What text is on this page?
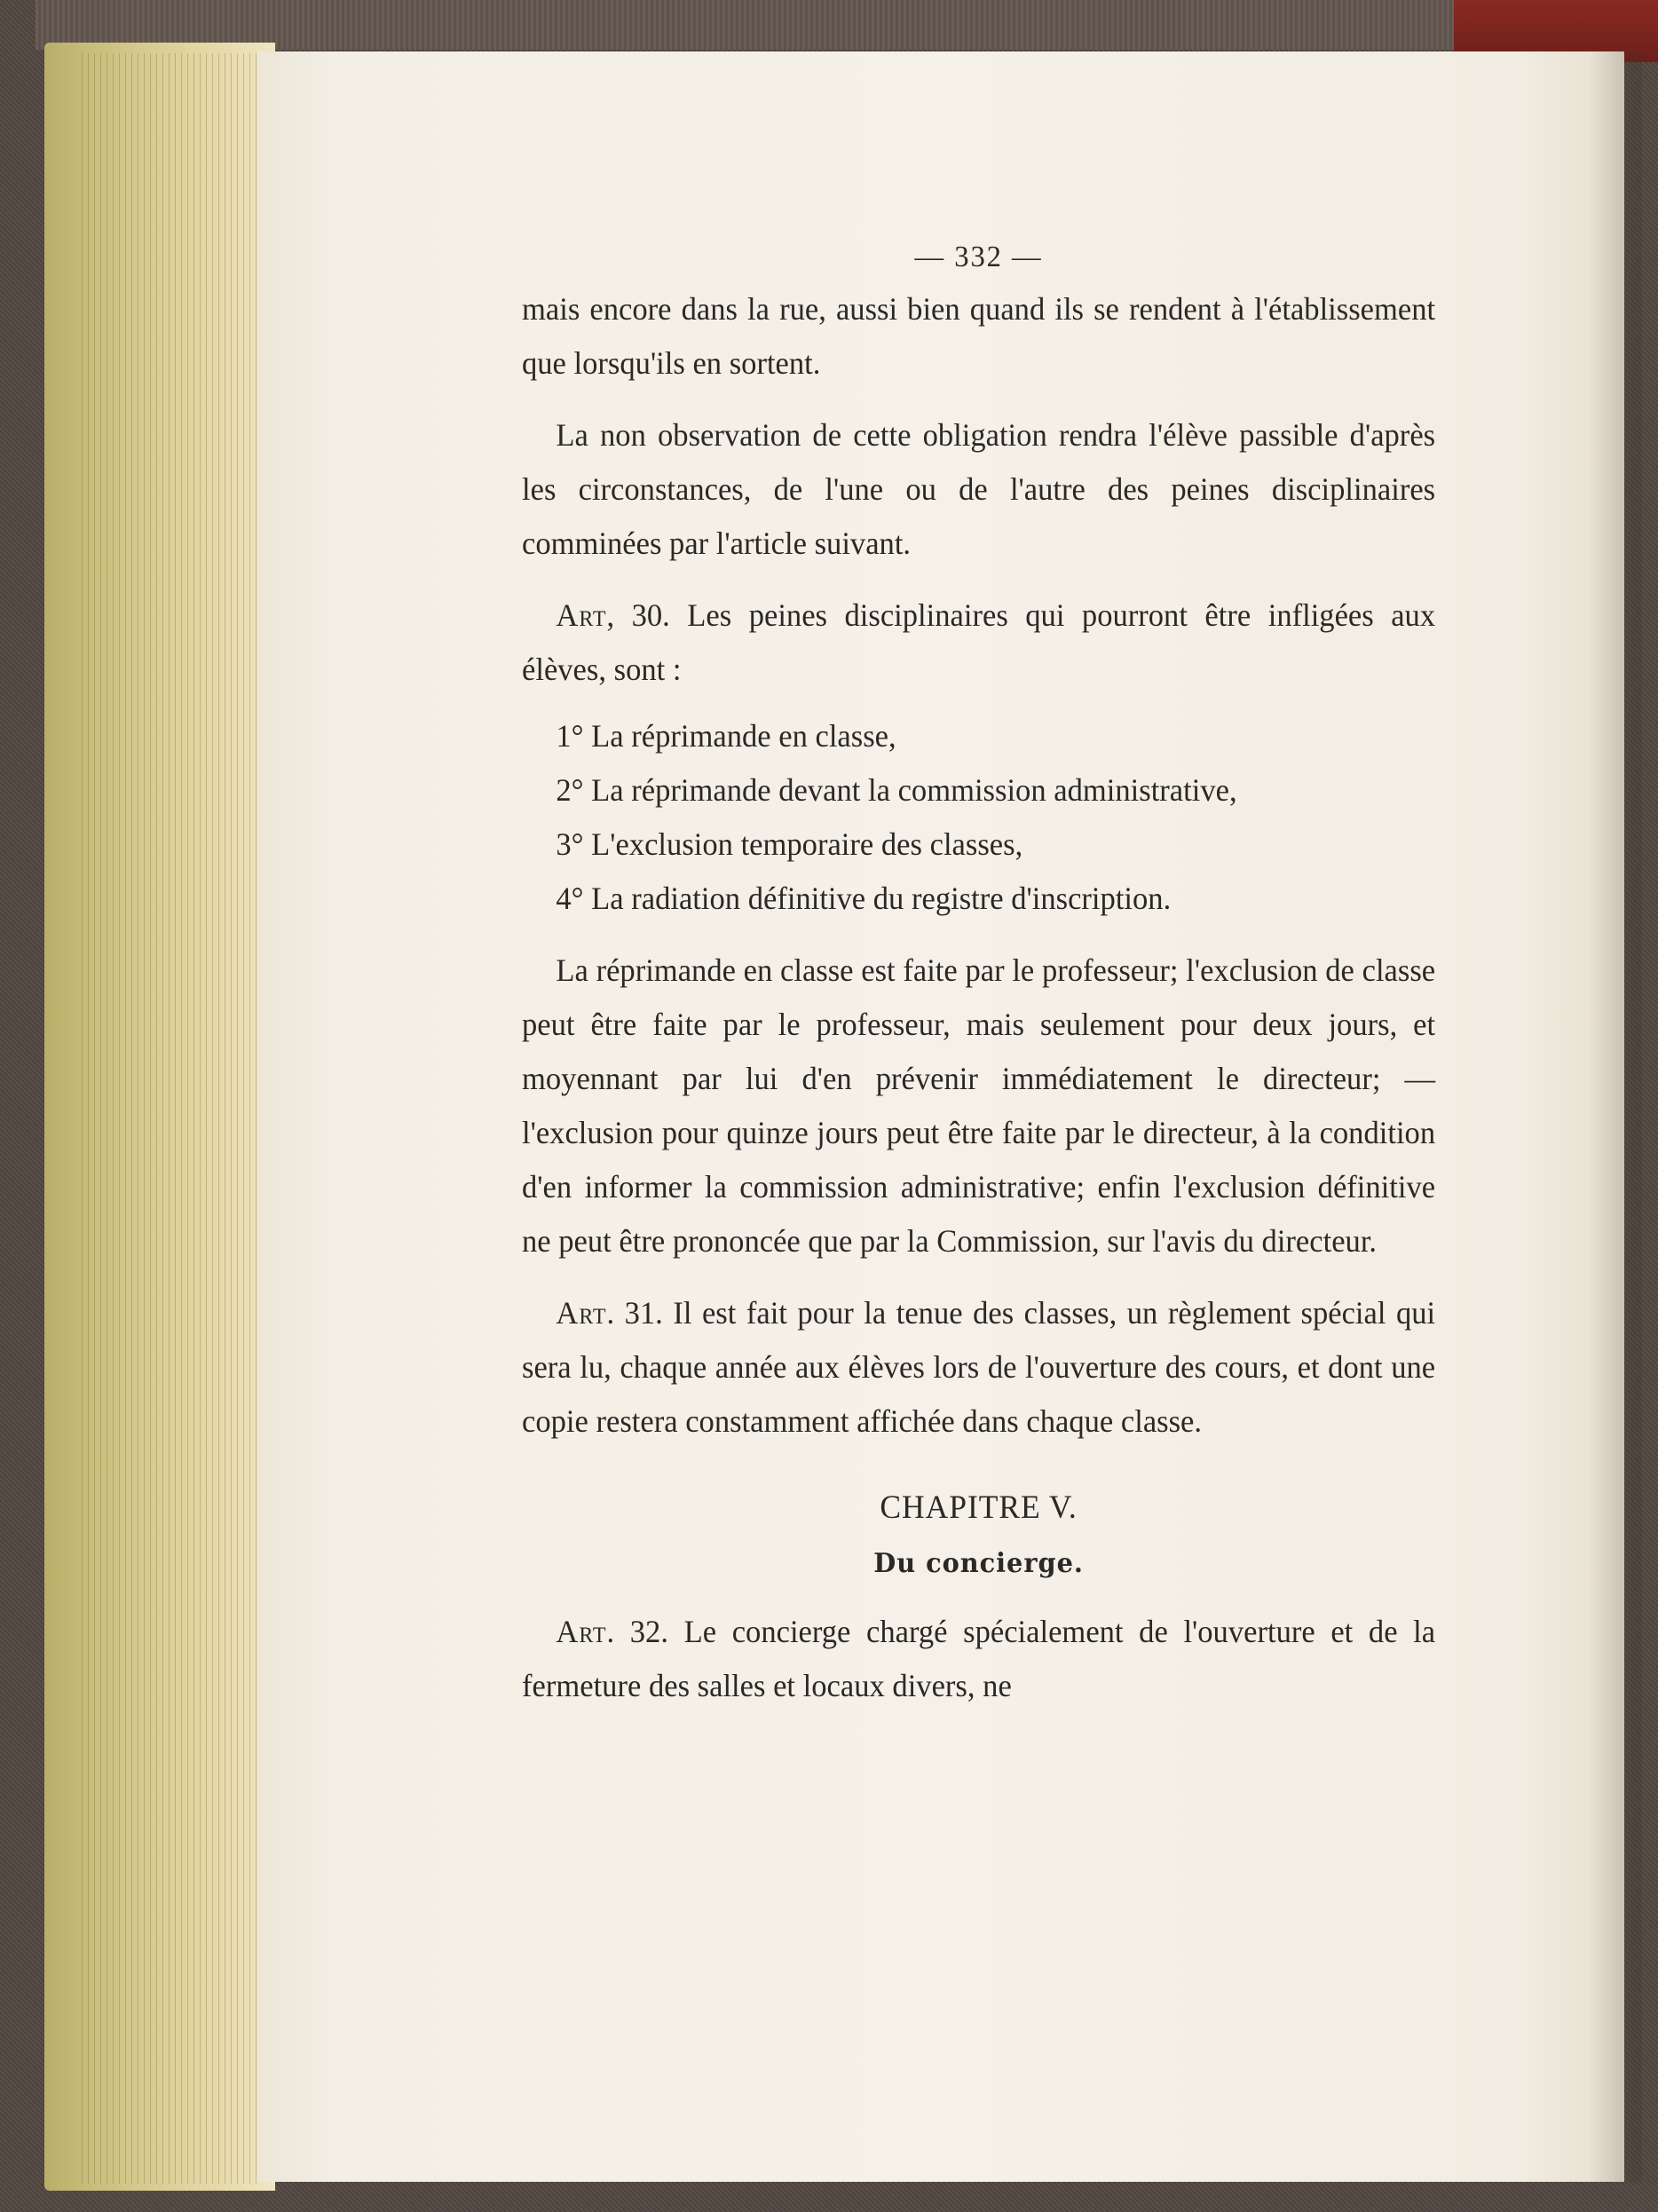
— 332 —

mais encore dans la rue, aussi bien quand ils se rendent à l'établissement que lorsqu'ils en sortent.

La non observation de cette obligation rendra l'élève passible d'après les circonstances, de l'une ou de l'autre des peines disciplinaires comminées par l'article suivant.

Art, 30. Les peines disciplinaires qui pourront être infligées aux élèves, sont :

1° La réprimande en classe,
2° La réprimande devant la commission administrative,
3° L'exclusion temporaire des classes,
4° La radiation définitive du registre d'inscription.

La réprimande en classe est faite par le professeur; l'exclusion de classe peut être faite par le professeur, mais seulement pour deux jours, et moyennant par lui d'en prévenir immédiatement le directeur; — l'exclusion pour quinze jours peut être faite par le directeur, à la condition d'en informer la commission administrative; enfin l'exclusion définitive ne peut être prononcée que par la Commission, sur l'avis du directeur.

Art. 31. Il est fait pour la tenue des classes, un règlement spécial qui sera lu, chaque année aux élèves lors de l'ouverture des cours, et dont une copie restera constamment affichée dans chaque classe.

CHAPITRE V.
Du concierge.

Art. 32. Le concierge chargé spécialement de l'ouverture et de la fermeture des salles et locaux divers, ne
